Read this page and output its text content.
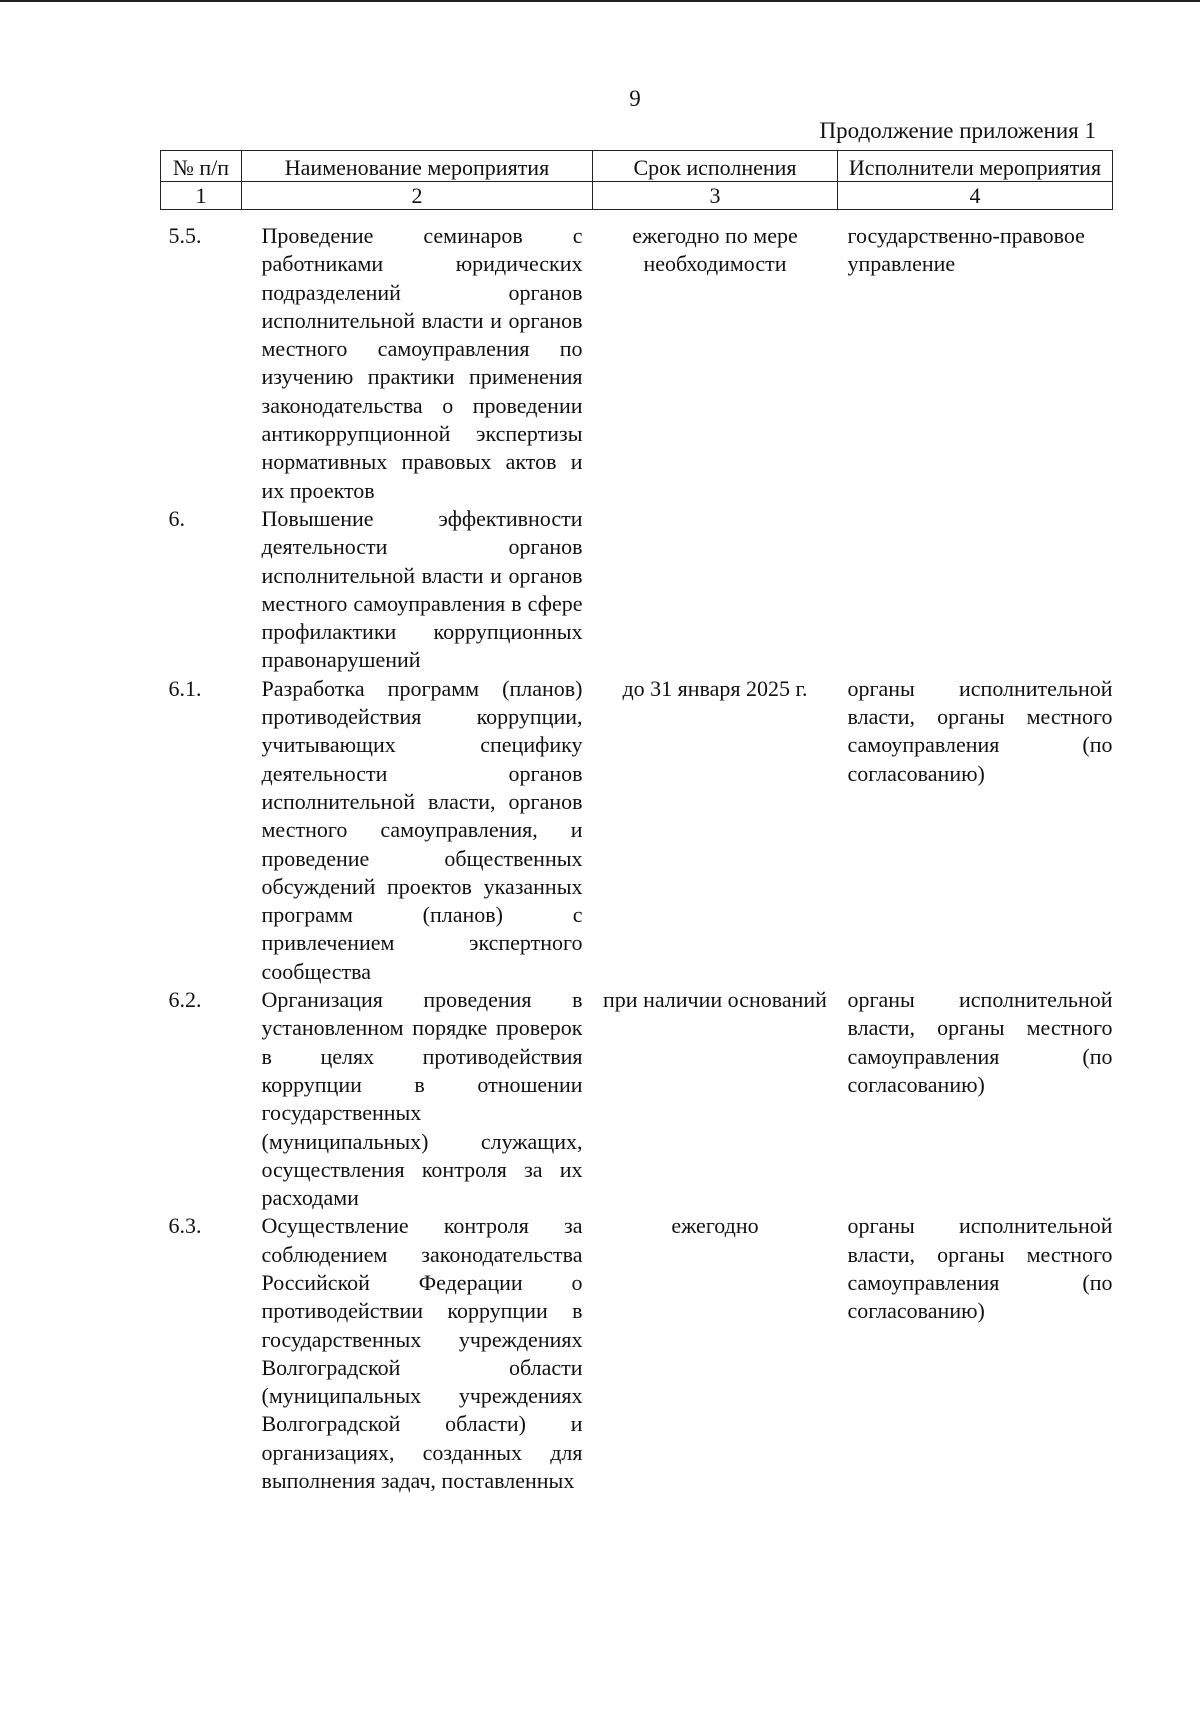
9
Продолжение приложения 1
№ п/п	Наименование мероприятия	Срок исполнения	Исполнители мероприятия
1	2	3	4

5.5.	Проведение семинаров с работниками юридических подразделений органов исполнительной власти и органов местного самоуправления по изучению практики применения законодательства о проведении антикоррупционной экспертизы нормативных правовых актов и их проектов	ежегодно по мере необходимости	государственно-правовое управление
6.	Повышение эффективности деятельности органов исполнительной власти и органов местного самоуправления в сфере профилактики коррупционных правонарушений		
6.1.	Разработка программ (планов) противодействия коррупции, учитывающих специфику деятельности органов исполнительной власти, органов местного самоуправления, и проведение общественных обсуждений проектов указанных программ (планов) с привлечением экспертного сообщества	до 31 января 2025 г.	органы исполнительной власти, органы местного самоуправления (по согласованию)
6.2.	Организация проведения в установленном порядке проверок в целях противодействия коррупции в отношении государственных (муниципальных) служащих, осуществления контроля за их расходами	при наличии оснований	органы исполнительной власти, органы местного самоуправления (по согласованию)
6.3.	Осуществление контроля за соблюдением законодательства Российской Федерации о противодействии коррупции в государственных учреждениях Волгоградской области (муниципальных учреждениях Волгоградской области) и организациях, созданных для выполнения задач, поставленных	ежегодно	органы исполнительной власти, органы местного самоуправления (по согласованию)
